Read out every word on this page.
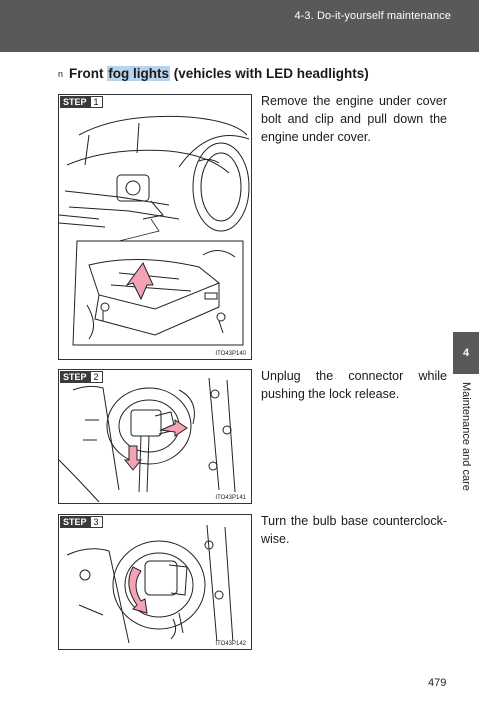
4-3. Do-it-yourself maintenance
n Front fog lights (vehicles with LED headlights)
STEP 1
ITO43P140
Remove the engine under cover bolt and clip and pull down the engine under cover.
STEP 2
ITO43P141
Unplug the connector while pushing the lock release.
STEP 3
ITO43P142
Turn the bulb base counterclock-wise.
4
Maintenance and care
479
